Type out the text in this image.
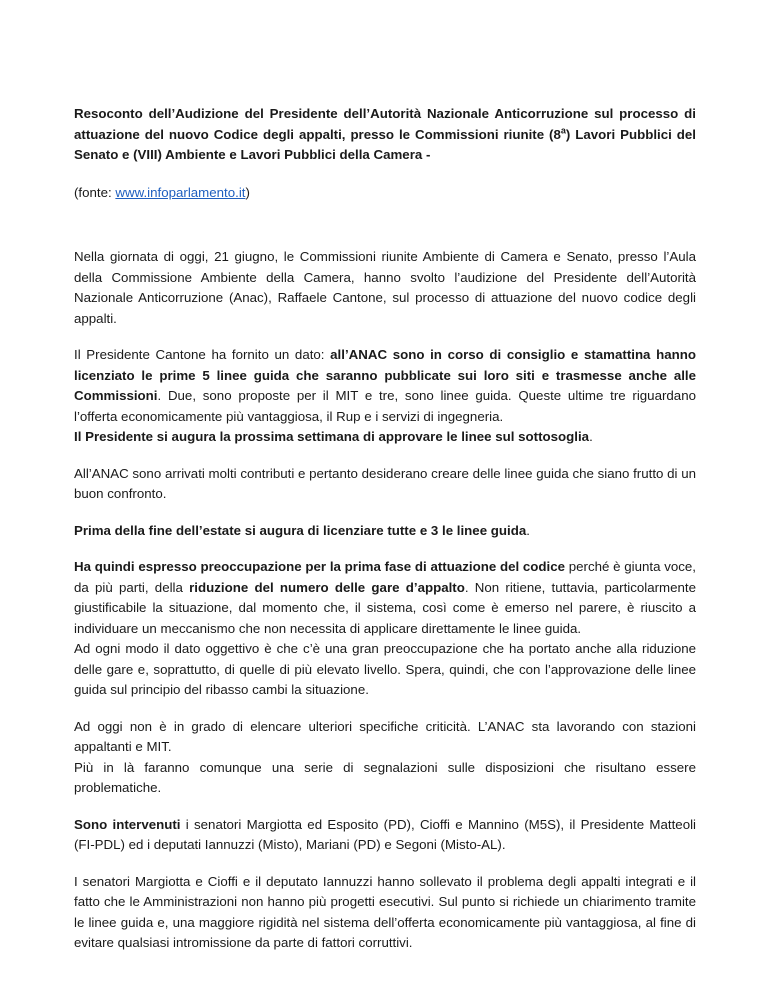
Resoconto dell’Audizione del Presidente dell’Autorità Nazionale Anticorruzione sul processo di attuazione del nuovo Codice degli appalti, presso le Commissioni riunite (8$^a$) Lavori Pubblici del Senato e (VIII) Ambiente e Lavori Pubblici della Camera -

(fonte: www.infoparlamento.it)

Nella giornata di oggi, 21 giugno, le Commissioni riunite Ambiente di Camera e Senato, presso l’Aula della Commissione Ambiente della Camera, hanno svolto l’audizione del Presidente dell’Autorità Nazionale Anticorruzione (Anac), Raffaele Cantone, sul processo di attuazione del nuovo codice degli appalti.

Il Presidente Cantone ha fornito un dato: all’ANAC sono in corso di consiglio e stamattina hanno licenziato le prime 5 linee guida che saranno pubblicate sui loro siti e trasmesse anche alle Commissioni. Due, sono proposte per il MIT e tre, sono linee guida. Queste ultime tre riguardano l’offerta economicamente più vantaggiosa, il Rup e i servizi di ingegneria.
Il Presidente si augura la prossima settimana di approvare le linee sul sottosoglia.

All’ANAC sono arrivati molti contributi e pertanto desiderano creare delle linee guida che siano frutto di un buon confronto.

Prima della fine dell’estate si augura di licenziare tutte e 3 le linee guida.

Ha quindi espresso preoccupazione per la prima fase di attuazione del codice perché è giunta voce, da più parti, della riduzione del numero delle gare d’appalto. Non ritiene, tuttavia, particolarmente giustificabile la situazione, dal momento che, il sistema, così come è emerso nel parere, è riuscito a individuare un meccanismo che non necessita di applicare direttamente le linee guida.
Ad ogni modo il dato oggettivo è che c’è una gran preoccupazione che ha portato anche alla riduzione delle gare e, soprattutto, di quelle di più elevato livello. Spera, quindi, che con l’approvazione delle linee guida sul principio del ribasso cambi la situazione.

Ad oggi non è in grado di elencare ulteriori specifiche criticità. L’ANAC sta lavorando con stazioni appaltanti e MIT.
Più in là faranno comunque una serie di segnalazioni sulle disposizioni che risultano essere problematiche.

Sono intervenuti i senatori Margiotta ed Esposito (PD), Cioffi e Mannino (M5S), il Presidente Matteoli (FI-PDL) ed i deputati Iannuzzi (Misto), Mariani (PD) e Segoni (Misto-AL).

I senatori Margiotta e Cioffi e il deputato Iannuzzi hanno sollevato il problema degli appalti integrati e il fatto che le Amministrazioni non hanno più progetti esecutivi. Sul punto si richiede un chiarimento tramite le linee guida e, una maggiore rigidità nel sistema dell’offerta economicamente più vantaggiosa, al fine di evitare qualsiasi intromissione da parte di fattori corruttivi.
